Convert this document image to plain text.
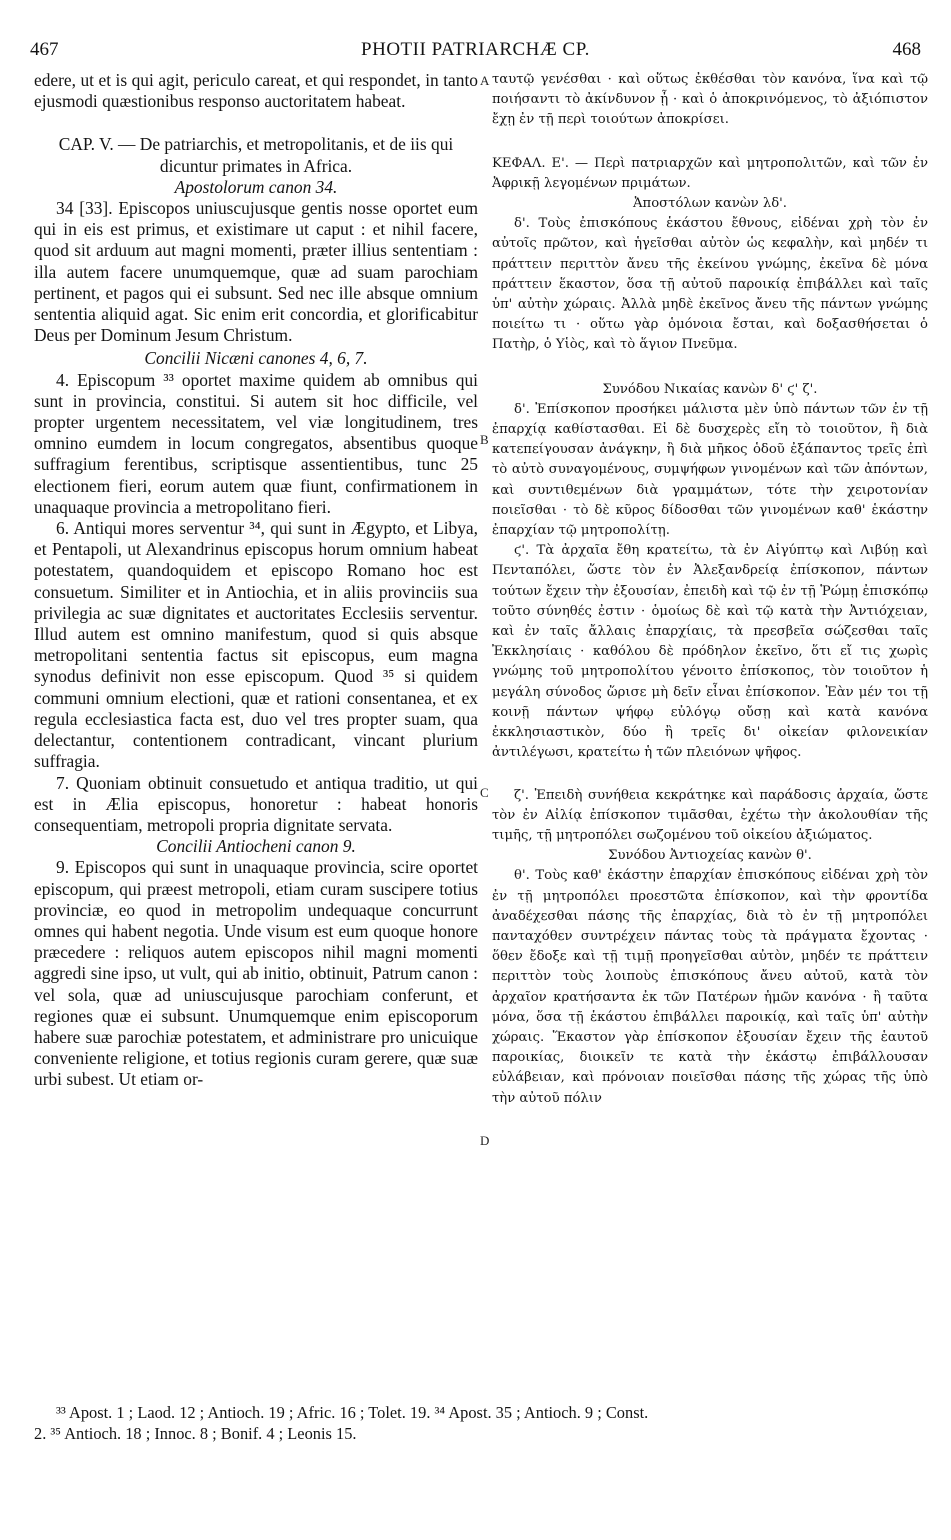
467	PHOTII PATRIARCHÆ CP.	468

edere, ut et is qui agit, periculo careat, et qui respondet, in tanto ejusmodi quæstionibus responso auctoritatem habeat.

CAP. V. — De patriarchis, et metropolitanis, et de iis qui dicuntur primates in Africa.

Apostolorum canon 34.

34 [33]. Episcopos uniuscujusque gentis nosse oportet eum qui in eis est primus, et existimare ut caput : et nihil facere, quod sit arduum aut magni momenti, præter illius sententiam : illa autem facere unumquemque, quæ ad suam parochiam pertinent, et pagos qui ei subsunt. Sed nec ille absque omnium sententia aliquid agat. Sic enim erit concordia, et glorificabitur Deus per Dominum Jesum Christum.

Concilii Nicæni canones 4, 6, 7.

4. Episcopum ³³ oportet maxime quidem ab omnibus qui sunt in provincia, constitui. Si autem sit hoc difficile, vel propter urgentem necessitatem, vel viæ longitudinem, tres omnino eumdem in locum congregatos, absentibus quoque suffragium ferentibus, scriptisque assentientibus, tunc 25 electionem fieri, eorum autem quæ fiunt, confirmationem in unaquaque provincia a metropolitano fieri.

6. Antiqui mores serventur ³⁴, qui sunt in Ægypto, et Libya, et Pentapoli, ut Alexandrinus episcopus horum omnium habeat potestatem, quandoquidem et episcopo Romano hoc est consuetum. Similiter et in Antiochia, et in aliis provinciis sua privilegia ac suæ dignitates et auctoritates Ecclesiis serventur. Illud autem est omnino manifestum, quod si quis absque metropolitani sententia factus sit episcopus, eum magna synodus definivit non esse episcopum. Quod ³⁵ si quidem communi omnium electioni, quæ et rationi consentanea, et ex regula ecclesiastica facta est, duo vel tres propter suam, qua delectantur, contentionem contradicant, vincant plurium suffragia.

7. Quoniam obtinuit consuetudo et antiqua traditio, ut qui est in Ælia episcopus, honoretur : habeat honoris consequentiam, metropoli propria dignitate servata.

Concilii Antiocheni canon 9.

9. Episcopos qui sunt in unaquaque provincia, scire oportet episcopum, qui præest metropoli, etiam curam suscipere totius provinciæ, eo quod in metropolim undequaque concurrunt omnes qui habent negotia. Unde visum est eum quoque honore præcedere : reliquos autem episcopos nihil magni momenti aggredi sine ipso, ut vult, qui ab initio, obtinuit, Patrum canon : vel sola, quæ ad uniuscujusque parochiam conferunt, et regiones quæ ei subsunt. Unumquemque enim episcoporum habere suæ parochiæ potestatem, et administrare pro unicuique conveniente religione, et totius regionis curam gerere, quæ suæ urbi subest. Ut etiam or-

ταυτῷ γενέσθαι · καὶ οὕτως ἐκθέσθαι τὸν κανόνα, ἵνα καὶ τῷ ποιήσαντι τὸ ἀκίνδυνον ᾖ · καὶ ὁ ἀποκρινόμενος, τὸ ἀξιόπιστον ἔχῃ ἐν τῇ περὶ τοιούτων ἀποκρίσει.

ΚΕΦΑΛ. Ε'. — Περὶ πατριαρχῶν καὶ μητροπολιτῶν, καὶ τῶν ἐν Ἀφρικῇ λεγομένων πριμάτων.

Ἀποστόλων κανὼν λδ'.

δ'. Τοὺς ἐπισκόπους ἑκάστου ἔθνους, εἰδέναι χρὴ τὸν ἐν αὐτοῖς πρῶτον, καὶ ἡγεῖσθαι αὐτὸν ὡς κεφαλὴν, καὶ μηδέν τι πράττειν περιττὸν ἄνευ τῆς ἐκείνου γνώμης, ἐκεῖνα δὲ μόνα πράττειν ἕκαστον, ὅσα τῇ αὐτοῦ παροικίᾳ ἐπιβάλλει καὶ ταῖς ὑπ' αὐτὴν χώραις. Ἀλλὰ μηδὲ ἐκεῖνος ἄνευ τῆς πάντων γνώμης ποιείτω τι · οὕτω γὰρ ὁμόνοια ἔσται, καὶ δοξασθήσεται ὁ Πατὴρ, ὁ Υἱὸς, καὶ τὸ ἅγιον Πνεῦμα.

Συνόδου Νικαίας κανὼν δ' ϛ' ζ'.

δ'. Ἐπίσκοπον προσήκει μάλιστα μὲν ὑπὸ πάντων τῶν ἐν τῇ ἐπαρχίᾳ καθίστασθαι. Εἰ δὲ δυσχερὲς εἴη τὸ τοιοῦτον, ἢ διὰ κατεπείγουσαν ἀνάγκην, ἢ διὰ μῆκος ὁδοῦ ἐξάπαντος τρεῖς ἐπὶ τὸ αὐτὸ συναγομένους, συμψήφων γινομένων καὶ τῶν ἀπόντων, καὶ συντιθεμένων διὰ γραμμάτων, τότε τὴν χειροτονίαν ποιεῖσθαι · τὸ δὲ κῦρος δίδοσθαι τῶν γινομένων καθ' ἑκάστην ἐπαρχίαν τῷ μητροπολίτῃ.

ϛ'. Τὰ ἀρχαῖα ἔθη κρατείτω, τὰ ἐν Αἰγύπτῳ καὶ Λιβύῃ καὶ Πενταπόλει, ὥστε τὸν ἐν Ἀλεξανδρείᾳ ἐπίσκοπον, πάντων τούτων ἔχειν τὴν ἐξουσίαν, ἐπειδὴ καὶ τῷ ἐν τῇ Ῥώμῃ ἐπισκόπῳ τοῦτο σύνηθές ἐστιν · ὁμοίως δὲ καὶ τῷ κατὰ τὴν Ἀντιόχειαν, καὶ ἐν ταῖς ἄλλαις ἐπαρχίαις, τὰ πρεσβεῖα σώζεσθαι ταῖς Ἐκκλησίαις · καθόλου δὲ πρόδηλον ἐκεῖνο, ὅτι εἴ τις χωρὶς γνώμης τοῦ μητροπολίτου γένοιτο ἐπίσκοπος, τὸν τοιοῦτον ἡ μεγάλη σύνοδος ὥρισε μὴ δεῖν εἶναι ἐπίσκοπον. Ἐὰν μέν τοι τῇ κοινῇ πάντων ψήφῳ εὐλόγῳ οὔσῃ καὶ κατὰ κανόνα ἐκκλησιαστικὸν, δύο ἢ τρεῖς δι' οἰκείαν φιλονεικίαν ἀντιλέγωσι, κρατείτω ἡ τῶν πλειόνων ψῆφος.

ζ'. Ἐπειδὴ συνήθεια κεκράτηκε καὶ παράδοσις ἀρχαία, ὥστε τὸν ἐν Αἰλίᾳ ἐπίσκοπον τιμᾶσθαι, ἐχέτω τὴν ἀκολουθίαν τῆς τιμῆς, τῇ μητροπόλει σωζομένου τοῦ οἰκείου ἀξιώματος.

Συνόδου Ἀντιοχείας κανὼν θ'.

θ'. Τοὺς καθ' ἑκάστην ἐπαρχίαν ἐπισκόπους εἰδέναι χρὴ τὸν ἐν τῇ μητροπόλει προεστῶτα ἐπίσκοπον, καὶ τὴν φροντίδα ἀναδέχεσθαι πάσης τῆς ἐπαρχίας, διὰ τὸ ἐν τῇ μητροπόλει πανταχόθεν συντρέχειν πάντας τοὺς τὰ πράγματα ἔχοντας · ὅθεν ἔδοξε καὶ τῇ τιμῇ προηγεῖσθαι αὐτὸν, μηδέν τε πράττειν περιττὸν τοὺς λοιποὺς ἐπισκόπους ἄνευ αὐτοῦ, κατὰ τὸν ἀρχαῖον κρατήσαντα ἐκ τῶν Πατέρων ἡμῶν κανόνα · ἢ ταῦτα μόνα, ὅσα τῇ ἑκάστου ἐπιβάλλει παροικίᾳ, καὶ ταῖς ὑπ' αὐτὴν χώραις. Ἕκαστον γὰρ ἐπίσκοπον ἐξουσίαν ἔχειν τῆς ἑαυτοῦ παροικίας, διοικεῖν τε κατὰ τὴν ἑκάστῳ ἐπιβάλλουσαν εὐλάβειαν, καὶ πρόνοιαν ποιεῖσθαι πάσης τῆς χώρας τῆς ὑπὸ τὴν αὐτοῦ πόλιν

A
B
C
D

³³ Apost. 1 ; Laod. 12 ; Antioch. 19 ; Afric. 16 ; Tolet. 19. ³⁴ Apost. 35 ; Antioch. 9 ; Const.

2. ³⁵ Antioch. 18 ; Innoc. 8 ; Bonif. 4 ; Leonis 15.
